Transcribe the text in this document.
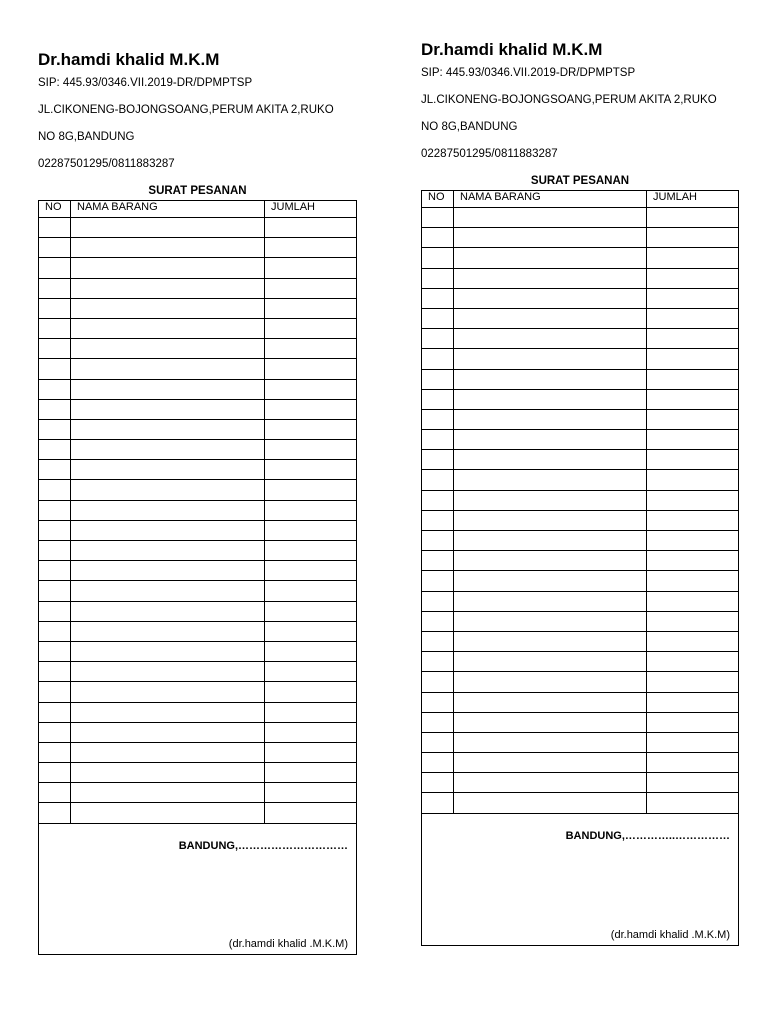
Dr.hamdi khalid M.K.M

SIP: 445.93/0346.VII.2019-DR/DPMPTSP

JL.CIKONENG-BOJONGSOANG,PERUM AKITA 2,RUKO

NO 8G,BANDUNG

02287501295/0811883287

SURAT PESANAN
NO	NAMA BARANG	JUMLAH

BANDUNG,…………………………
(dr.hamdi khalid .M.K.M)

Dr.hamdi khalid M.K.M

SIP: 445.93/0346.VII.2019-DR/DPMPTSP

JL.CIKONENG-BOJONGSOANG,PERUM AKITA 2,RUKO

NO 8G,BANDUNG

02287501295/0811883287

SURAT PESANAN
NO	NAMA BARANG	JUMLAH

BANDUNG,…………..……………
(dr.hamdi khalid .M.K.M)
